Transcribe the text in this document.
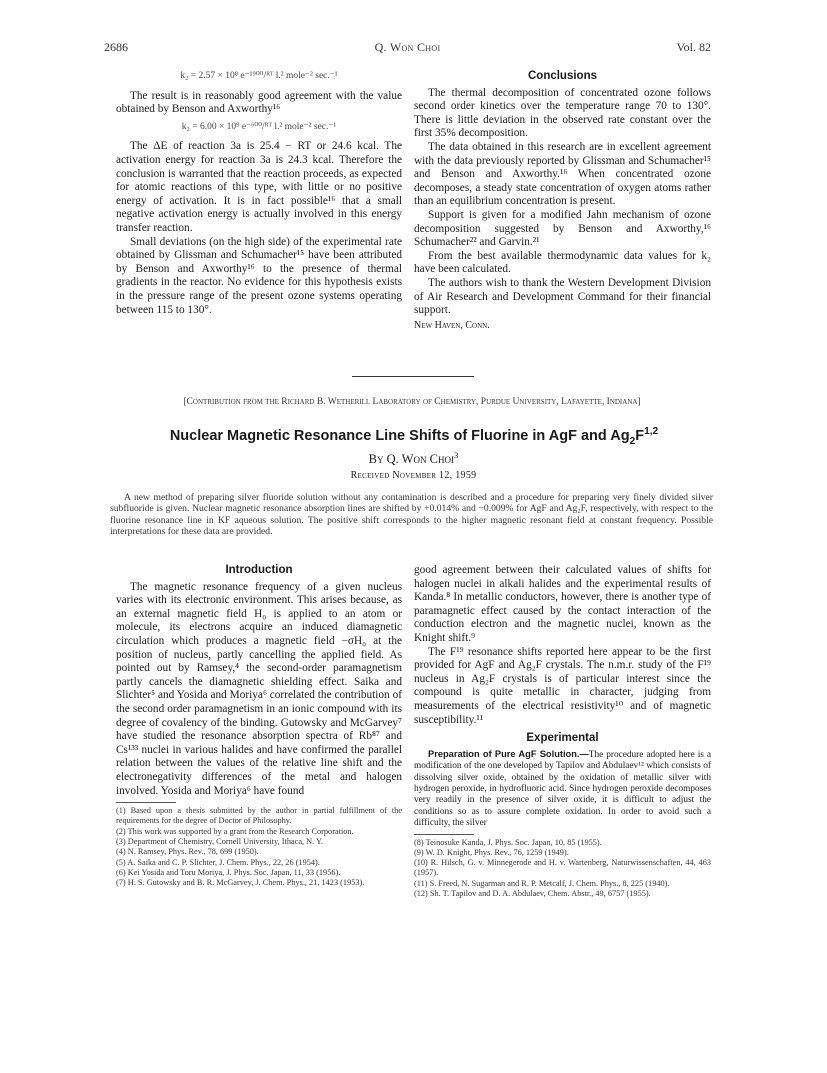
2686	Q. Won Choi	Vol. 82
k₂ = 2.57 × 10⁸ e⁻¹⁹⁰⁰/ᴿᵀ l.² mole⁻² sec.⁻¹

The result is in reasonably good agreement with the value obtained by Benson and Axworthy¹⁶

k₂ = 6.00 × 10⁹ e⁻⁶⁰⁰/ᴿᵀ l.² mole⁻² sec.⁻¹

The ΔE of reaction 3a is 25.4 − RT or 24.6 kcal. The activation energy for reaction 3a is 24.3 kcal. Therefore the conclusion is warranted that the reaction proceeds, as expected for atomic reactions of this type, with little or no positive energy of activation. It is in fact possible¹⁶ that a small negative activation energy is actually involved in this energy transfer reaction.

Small deviations (on the high side) of the experimental rate obtained by Glissman and Schumacher¹⁵ have been attributed by Benson and Axworthy¹⁶ to the presence of thermal gradients in the reactor. No evidence for this hypothesis exists in the pressure range of the present ozone systems operating between 115 to 130°.

Conclusions

The thermal decomposition of concentrated ozone follows second order kinetics over the temperature range 70 to 130°. There is little deviation in the observed rate constant over the first 35% decomposition.

The data obtained in this research are in excellent agreement with the data previously reported by Glissman and Schumacher¹⁵ and Benson and Axworthy.¹⁶ When concentrated ozone decomposes, a steady state concentration of oxygen atoms rather than an equilibrium concentration is present.

Support is given for a modified Jahn mechanism of ozone decomposition suggested by Benson and Axworthy,¹⁶ Schumacher²² and Garvin.²¹

From the best available thermodynamic data values for k₂ have been calculated.

The authors wish to thank the Western Development Division of Air Research and Development Command for their financial support.

New Haven, Conn.

[Contribution from the Richard B. Wetherill Laboratory of Chemistry, Purdue University, Lafayette, Indiana]
Nuclear Magnetic Resonance Line Shifts of Fluorine in AgF and $Ag_2F^{1,2}$
By Q. Won Choi$^3$
Received November 12, 1959
A new method of preparing silver fluoride solution without any contamination is described and a procedure for preparing very finely divided silver subfluoride is given. Nuclear magnetic resonance absorption lines are shifted by +0.014% and −0.009% for AgF and Ag₂F, respectively, with respect to the fluorine resonance line in KF aqueous solution. The positive shift corresponds to the higher magnetic resonant field at constant frequency. Possible interpretations for these data are provided.
Introduction

The magnetic resonance frequency of a given nucleus varies with its electronic environment. This arises because, as an external magnetic field H₀ is applied to an atom or molecule, its electrons acquire an induced diamagnetic circulation which produces a magnetic field −σH₀ at the position of nucleus, partly cancelling the applied field. As pointed out by Ramsey,⁴ the second-order paramagnetism partly cancels the diamagnetic shielding effect. Saika and Slichter⁵ and Yosida and Moriya⁶ correlated the contribution of the second order paramagnetism in an ionic compound with its degree of covalency of the binding. Gutowsky and McGarvey⁷ have studied the resonance absorption spectra of Rb⁸⁷ and Cs¹³³ nuclei in various halides and have confirmed the parallel relation between the values of the relative line shift and the electronegativity differences of the metal and halogen involved. Yosida and Moriya⁶ have found

(1) Based upon a thesis submitted by the author in partial fulfillment of the requirements for the degree of Doctor of Philosophy.

(2) This work was supported by a grant from the Research Corporation.

(3) Department of Chemistry, Cornell University, Ithaca, N. Y.

(4) N. Ramsey, Phys. Rev., 78, 699 (1950).

(5) A. Saika and C. P. Slichter, J. Chem. Phys., 22, 26 (1954).

(6) Kei Yosida and Toru Moriya, J. Phys. Soc. Japan, 11, 33 (1956).

(7) H. S. Gutowsky and B. R. McGarvey, J. Chem. Phys., 21, 1423 (1953).

good agreement between their calculated values of shifts for halogen nuclei in alkali halides and the experimental results of Kanda.⁸ In metallic conductors, however, there is another type of paramagnetic effect caused by the contact interaction of the conduction electron and the magnetic nuclei, known as the Knight shift.⁹

The F¹⁹ resonance shifts reported here appear to be the first provided for AgF and Ag₂F crystals. The n.m.r. study of the F¹⁹ nucleus in Ag₂F crystals is of particular interest since the compound is quite metallic in character, judging from measurements of the electrical resistivity¹⁰ and of magnetic susceptibility.¹¹

Experimental

Preparation of Pure AgF Solution.—The procedure adopted here is a modification of the one developed by Tapilov and Abdulaev¹² which consists of dissolving silver oxide, obtained by the oxidation of metallic silver with hydrogen peroxide, in hydrofluoric acid. Since hydrogen peroxide decomposes very readily in the presence of silver oxide, it is difficult to adjust the conditions so as to assure complete oxidation. In order to avoid such a difficulty, the silver

(8) Teinosuke Kanda, J. Phys. Soc. Japan, 10, 85 (1955).

(9) W. D. Knight, Phys. Rev., 76, 1259 (1949).

(10) R. Hilsch, G. v. Minnegerode and H. v. Wartenberg, Naturwissenschaften, 44, 463 (1957).

(11) S. Freed, N. Sugarman and R. P. Metcalf, J. Chem. Phys., 8, 225 (1940).

(12) Sh. T. Tapilov and D. A. Abdulaev, Chem. Abstr., 49, 6757 (1955).
